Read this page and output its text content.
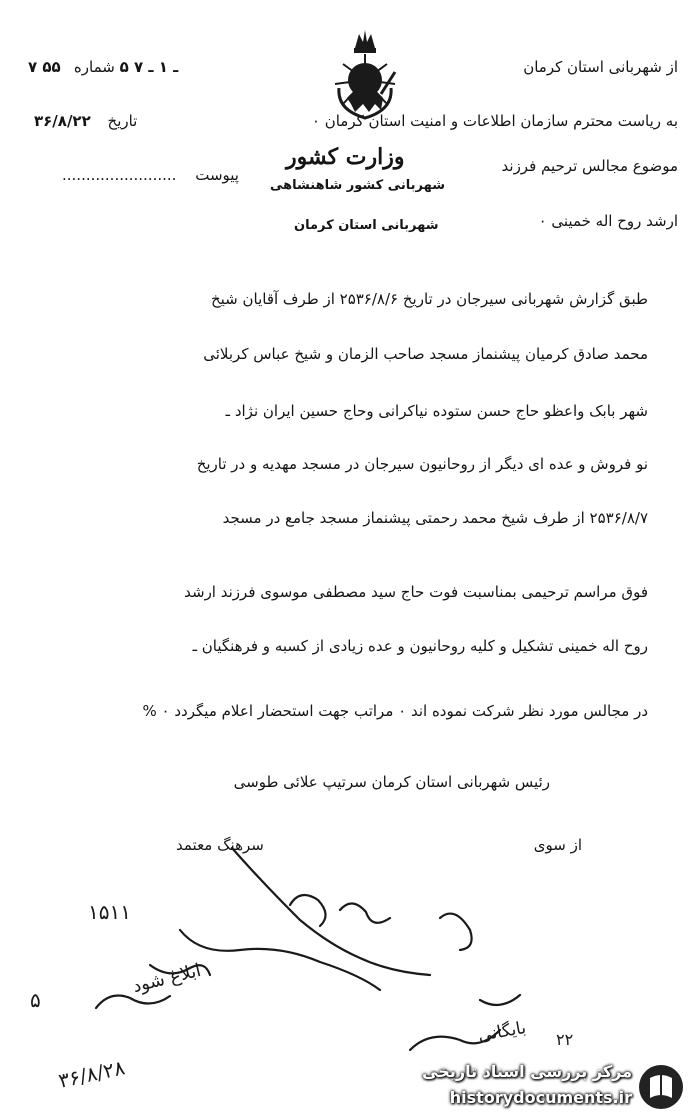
از شهربانی استان کرمان
به ریاست محترم سازمان اطلاعات و امنیت استان کرمان ۰
موضوع مجالس ترحیم فرزند
ارشد روح اله خمینی ۰
۷ ۵۵ ـ ۱ ـ ۷ ۵ شماره
۳۶/۸/۲۲ تاریخ
........................ پیوست
وزارت کشور
شهربانی کشور شاهنشاهی
شهربانی استان کرمان
طبق گزارش شهربانی سیرجان در تاریخ ۲۵۳۶/۸/۶ از طرف آقایان شیخ
محمد صادق کرمیان پیشنماز مسجد صاحب الزمان و شیخ عباس کربلائی
شهر بابک واعظو حاج حسن ستوده نیاکرانی وحاج حسین ایران نژاد ـ
نو فروش و عده ای دیگر از روحانیون سیرجان در مسجد مهدیه و در تاریخ
۲۵۳۶/۸/۷ از طرف شیخ محمد رحمتی پیشنماز مسجد جامع در مسجد
فوق مراسم ترحیمی بمناسبت فوت حاج سید مصطفی موسوی فرزند ارشد
روح اله خمینی تشکیل و کلیه روحانیون و عده زیادی از کسبه و فرهنگیان ـ
در مجالس مورد نظر شرکت نموده اند ۰ مراتب جهت استحضار اعلام میگردد ۰ %
رئیس شهربانی استان کرمان سرتیپ علائی طوسی
سرهنگ معتمد	از سوی
۱۵۱۱
ابلاغ شود
بایگانی
۵
۳۶/۸/۲۸
۲۲
مرکز بررسی اسناد تاریخی
historydocuments.ir
